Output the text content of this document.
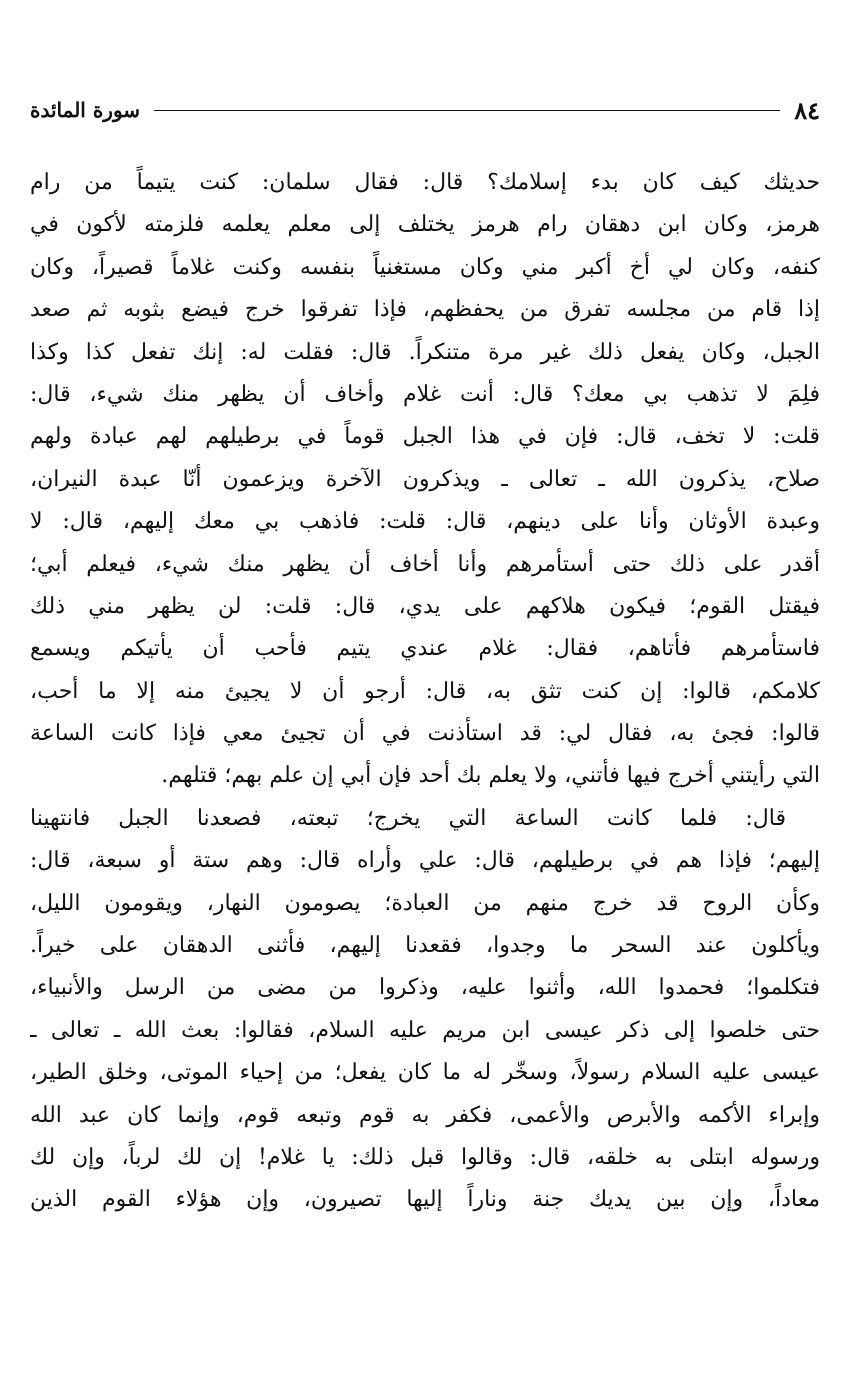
٨٤
سورة المائدة
حديثك كيف كان بدء إسلامك؟ قال: فقال سلمان: كنت يتيماً من رام
هرمز، وكان ابن دهقان رام هرمز يختلف إلى معلم يعلمه فلزمته لأكون في
كنفه، وكان لي أخ أكبر مني وكان مستغنياً بنفسه وكنت غلاماً قصيراً، وكان
إذا قام من مجلسه تفرق من يحفظهم، فإذا تفرقوا خرج فيضع بثوبه ثم صعد
الجبل، وكان يفعل ذلك غير مرة متنكراً. قال: فقلت له: إنك تفعل كذا وكذا
فلِمَ لا تذهب بي معك؟ قال: أنت غلام وأخاف أن يظهر منك شيء، قال:
قلت: لا تخف، قال: فإن في هذا الجبل قوماً في برطيلهم لهم عبادة ولهم
صلاح، يذكرون الله ـ تعالى ـ ويذكرون الآخرة ويزعمون أنّا عبدة النيران،
وعبدة الأوثان وأنا على دينهم، قال: قلت: فاذهب بي معك إليهم، قال: لا
أقدر على ذلك حتى أستأمرهم وأنا أخاف أن يظهر منك شيء، فيعلم أبي؛
فيقتل القوم؛ فيكون هلاكهم على يدي، قال: قلت: لن يظهر مني ذلك
فاستأمرهم فأتاهم، فقال: غلام عندي يتيم فأحب أن يأتيكم ويسمع
كلامكم، قالوا: إن كنت تثق به، قال: أرجو أن لا يجيئ منه إلا ما أحب،
قالوا: فجئ به، فقال لي: قد استأذنت في أن تجيئ معي فإذا كانت الساعة
التي رأيتني أخرج فيها فأتني، ولا يعلم بك أحد فإن أبي إن علم بهم؛ قتلهم.
قال: فلما كانت الساعة التي يخرج؛ تبعته، فصعدنا الجبل فانتهينا
إليهم؛ فإذا هم في برطيلهم، قال: علي وأراه قال: وهم ستة أو سبعة، قال:
وكأن الروح قد خرج منهم من العبادة؛ يصومون النهار، ويقومون الليل،
ويأكلون عند السحر ما وجدوا، فقعدنا إليهم، فأثنى الدهقان على خيراً.
فتكلموا؛ فحمدوا الله، وأثنوا عليه، وذكروا من مضى من الرسل والأنبياء،
حتى خلصوا إلى ذكر عيسى ابن مريم عليه السلام، فقالوا: بعث الله ـ تعالى ـ
عيسى عليه السلام رسولاً، وسخّر له ما كان يفعل؛ من إحياء الموتى، وخلق الطير،
وإبراء الأكمه والأبرص والأعمى، فكفر به قوم وتبعه قوم، وإنما كان عبد الله
ورسوله ابتلى به خلقه، قال: وقالوا قبل ذلك: يا غلام! إن لك لرباً، وإن لك
معاداً، وإن بين يديك جنة وناراً إليها تصيرون، وإن هؤلاء القوم الذين
